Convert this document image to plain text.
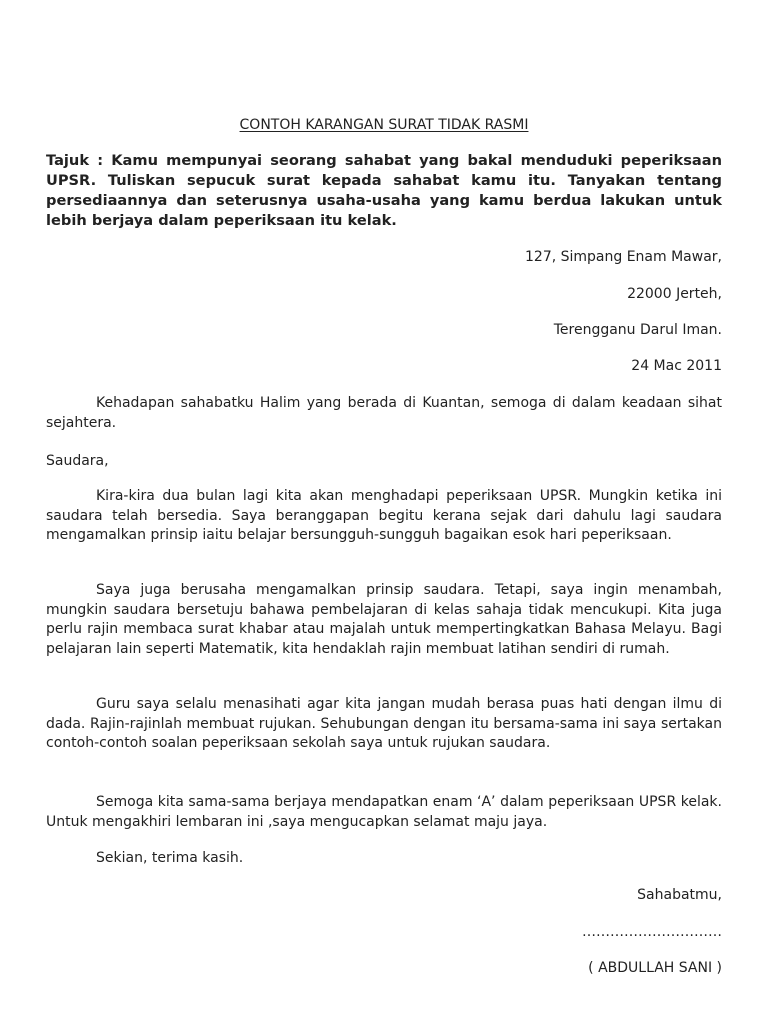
CONTOH KARANGAN SURAT TIDAK RASMI

Tajuk : Kamu mempunyai seorang sahabat yang bakal menduduki peperiksaan UPSR. Tuliskan sepucuk surat kepada sahabat kamu itu. Tanyakan tentang persediaannya dan seterusnya usaha-usaha yang kamu berdua lakukan untuk lebih berjaya dalam peperiksaan itu kelak.

127, Simpang Enam Mawar,

22000 Jerteh,

Terengganu Darul Iman.

24 Mac 2011

Kehadapan sahabatku Halim yang berada di Kuantan, semoga di dalam keadaan sihat sejahtera.

Saudara,

Kira-kira dua bulan lagi kita akan menghadapi peperiksaan UPSR. Mungkin ketika ini saudara telah bersedia. Saya beranggapan begitu kerana sejak dari dahulu lagi saudara mengamalkan prinsip iaitu belajar bersungguh-sungguh bagaikan esok hari peperiksaan.

Saya juga berusaha mengamalkan prinsip saudara. Tetapi, saya ingin menambah, mungkin saudara bersetuju bahawa pembelajaran di kelas sahaja tidak mencukupi. Kita juga perlu rajin membaca surat khabar atau majalah untuk mempertingkatkan Bahasa Melayu. Bagi pelajaran lain seperti Matematik, kita hendaklah rajin membuat latihan sendiri di rumah.

Guru saya selalu menasihati agar kita jangan mudah berasa puas hati dengan ilmu di dada. Rajin-rajinlah membuat rujukan. Sehubungan dengan itu bersama-sama ini saya sertakan contoh-contoh soalan peperiksaan sekolah saya untuk rujukan saudara.

Semoga kita sama-sama berjaya mendapatkan enam ‘A’ dalam peperiksaan UPSR kelak. Untuk mengakhiri lembaran ini ,saya mengucapkan selamat maju jaya.

Sekian, terima kasih.

Sahabatmu,

…………………………

( ABDULLAH SANI )
